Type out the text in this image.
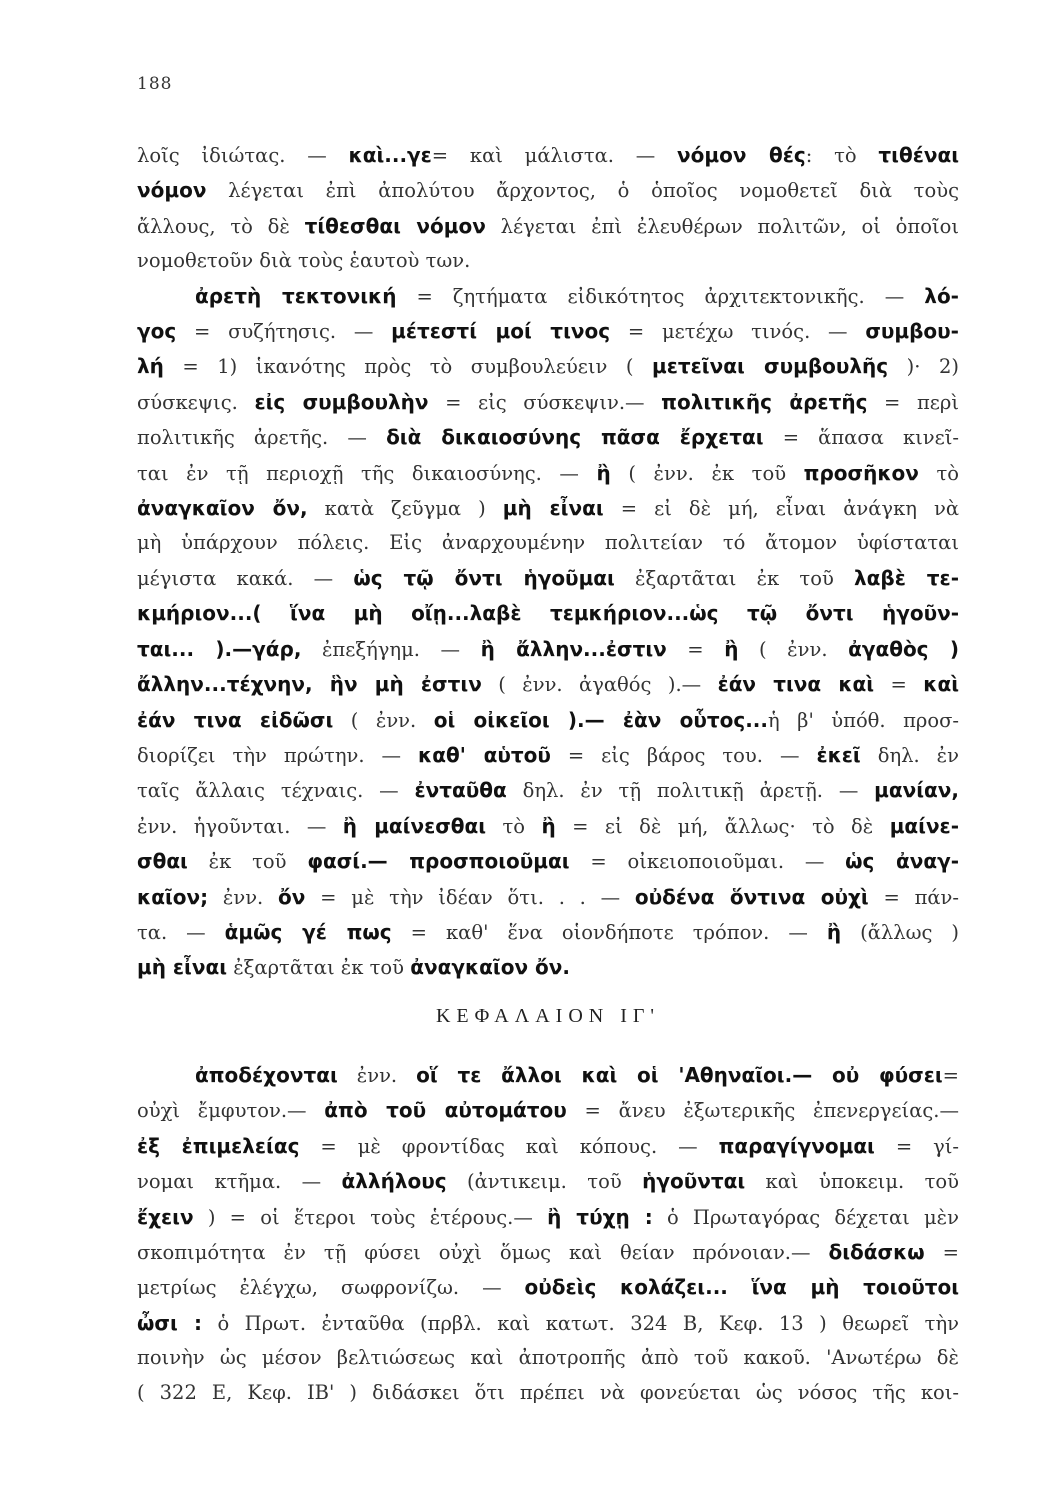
188
λοῖς ἰδιώτας. — καὶ...γε= καὶ μάλιστα. — νόμον θές: τὸ τιθέναι
νόμον λέγεται ἐπὶ ἀπολύτου ἄρχοντος, ὁ ὁποῖος νομοθετεῖ διὰ τοὺς
ἄλλους, τὸ δὲ τίθεσθαι νόμον λέγεται ἐπὶ ἐλευθέρων πολιτῶν, οἱ ὁποῖοι
νομοθετοῦν διὰ τοὺς ἑαυτοὺ των.
ἀρετὴ τεκτονική = ζητήματα εἰδικότητος ἀρχιτεκτονικῆς. — λό-
γος = συζήτησις. — μέτεστί μοί τινος = μετέχω τινός. — συμβου-
λή = 1) ἱκανότης πρὸς τὸ συμβουλεύειν ( μετεῖναι συμβουλῆς )· 2)
σύσκεψις. εἰς συμβουλὴν = εἰς σύσκεψιν.— πολιτικῆς ἀρετῆς = περὶ
πολιτικῆς ἀρετῆς. — διὰ δικαιοσύνης πᾶσα ἔρχεται = ἅπασα κινεῖ-
ται ἐν τῇ περιοχῇ τῆς δικαιοσύνης. — ἢ ( ἐνν. ἐκ τοῦ προσῆκον τὸ
ἀναγκαῖον ὄν, κατὰ ζεῦγμα ) μὴ εἶναι = εἰ δὲ μή, εἶναι ἀνάγκη νὰ
μὴ ὑπάρχουν πόλεις. Εἰς ἀναρχουμένην πολιτείαν τό ἄτομον ὑφίσταται
μέγιστα κακά. — ὡς τῷ ὄντι ἡγοῦμαι ἐξαρτᾶται ἐκ τοῦ λαβὲ τε-
κμήριον...( ἵνα μὴ οἴῃ...λαβὲ τεμκήριον...ὡς τῷ ὄντι ἡγοῦν-
ται... ).—γάρ, ἐπεξήγημ. — ἢ ἄλλην...ἐστιν = ἢ ( ἐνν. ἀγαθὸς )
ἄλλην...τέχνην, ἣν μὴ ἐστιν ( ἐνν. ἀγαθός ).— ἐάν τινα καὶ = καὶ
ἐάν τινα εἰδῶσι ( ἐνν. οἱ οἰκεῖοι ).— ἐὰν οὗτος...ἡ β' ὑπόθ. προσ-
διορίζει τὴν πρώτην. — καθ' αὑτοῦ = εἰς βάρος του. — ἐκεῖ δηλ. ἐν
ταῖς ἄλλαις τέχναις. — ἐνταῦθα δηλ. ἐν τῇ πολιτικῇ ἀρετῇ. — μανίαν,
ἐνν. ἡγοῦνται. — ἢ μαίνεσθαι τὸ ἢ = εἰ δὲ μή, ἄλλως· τὸ δὲ μαίνε-
σθαι ἐκ τοῦ φασί.— προσποιοῦμαι = οἰκειοποιοῦμαι. — ὡς ἀναγ-
καῖον; ἐνν. ὄν = μὲ τὴν ἰδέαν ὅτι. . . — οὐδένα ὅντινα οὐχὶ = πάν-
τα. — ἁμῶς γέ πως = καθ' ἕνα οἱονδήποτε τρόπον. — ἢ (ἄλλως )
μὴ εἶναι ἐξαρτᾶται ἐκ τοῦ ἀναγκαῖον ὄν.
ΚΕΦΑΛΑΙΟΝ ΙΓ'
ἀποδέχονται ἐνν. οἵ τε ἄλλοι καὶ οἱ 'Αθηναῖοι.— οὐ φύσει=
οὐχὶ ἔμφυτον.— ἀπὸ τοῦ αὐτομάτου = ἄνευ ἐξωτερικῆς ἐπενεργείας.—
ἐξ ἐπιμελείας = μὲ φροντίδας καὶ κόπους. — παραγίγνομαι = γί-
νομαι κτῆμα. — ἀλλήλους (ἀντικειμ. τοῦ ἡγοῦνται καὶ ὑποκειμ. τοῦ
ἔχειν ) = οἱ ἕτεροι τοὺς ἑτέρους.— ἢ τύχῃ : ὁ Πρωταγόρας δέχεται μὲν
σκοπιμότητα ἐν τῇ φύσει οὐχὶ ὅμως καὶ θείαν πρόνοιαν.— διδάσκω =
μετρίως ἐλέγχω, σωφρονίζω. — οὐδεὶς κολάζει... ἵνα μὴ τοιοῦτοι
ὦσι : ὁ Πρωτ. ἐνταῦθα (πρβλ. καὶ κατωτ. 324 Β, Κεφ. 13 ) θεωρεῖ τὴν
ποινὴν ὡς μέσον βελτιώσεως καὶ ἀποτροπῆς ἀπὸ τοῦ κακοῦ. 'Ανωτέρω δὲ
( 322 Ε, Κεφ. ΙΒ' ) διδάσκει ὅτι πρέπει νὰ φονεύεται ὡς νόσος τῆς κοι-
